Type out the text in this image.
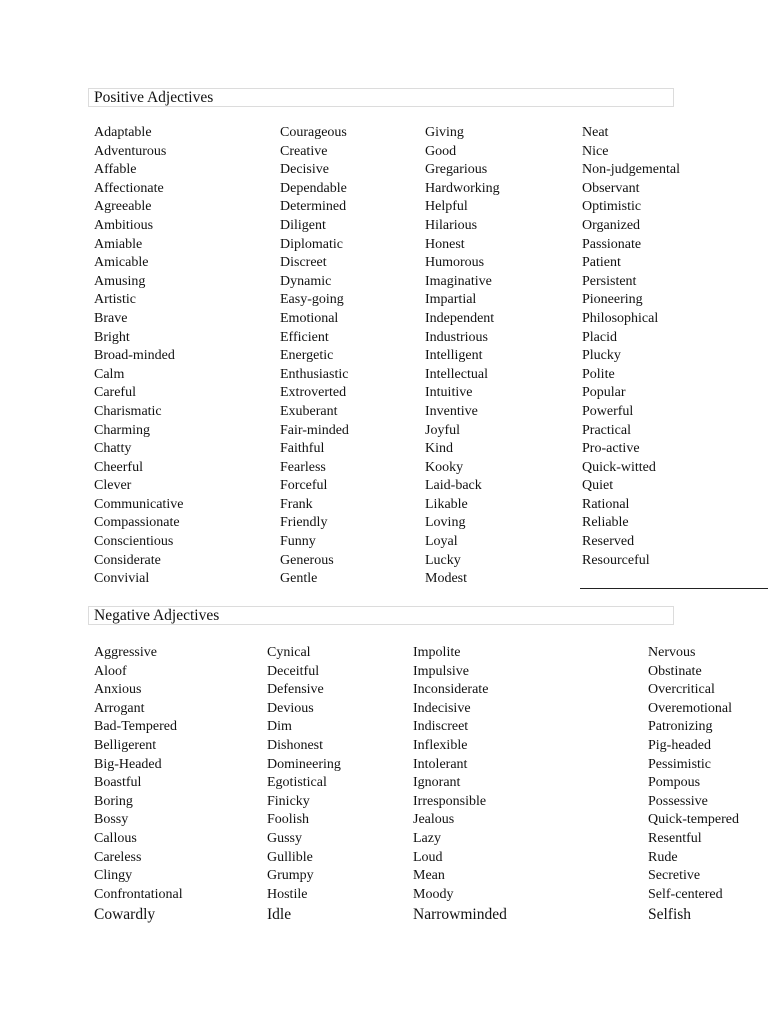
Positive Adjectives
Adaptable
Adventurous
Affable
Affectionate
Agreeable
Ambitious
Amiable
Amicable
Amusing
Artistic
Brave
Bright
Broad-minded
Calm
Careful
Charismatic
Charming
Chatty
Cheerful
Clever
Communicative
Compassionate
Conscientious
Considerate
Convivial
Courageous
Creative
Decisive
Dependable
Determined
Diligent
Diplomatic
Discreet
Dynamic
Easy-going
Emotional
Efficient
Energetic
Enthusiastic
Extroverted
Exuberant
Fair-minded
Faithful
Fearless
Forceful
Frank
Friendly
Funny
Generous
Gentle
Giving
Good
Gregarious
Hardworking
Helpful
Hilarious
Honest
Humorous
Imaginative
Impartial
Independent
Industrious
Intelligent
Intellectual
Intuitive
Inventive
Joyful
Kind
Kooky
Laid-back
Likable
Loving
Loyal
Lucky
Modest
Neat
Nice
Non-judgemental
Observant
Optimistic
Organized
Passionate
Patient
Persistent
Pioneering
Philosophical
Placid
Plucky
Polite
Popular
Powerful
Practical
Pro-active
Quick-witted
Quiet
Rational
Reliable
Reserved
Resourceful
Negative Adjectives
Aggressive
Aloof
Anxious
Arrogant
Bad-Tempered
Belligerent
Big-Headed
Boastful
Boring
Bossy
Callous
Careless
Clingy
Confrontational
Cowardly
Cynical
Deceitful
Defensive
Devious
Dim
Dishonest
Domineering
Egotistical
Finicky
Foolish
Gussy
Gullible
Grumpy
Hostile
Idle
Impolite
Impulsive
Inconsiderate
Indecisive
Indiscreet
Inflexible
Intolerant
Ignorant
Irresponsible
Jealous
Lazy
Loud
Mean
Moody
Narrowminded
Nervous
Obstinate
Overcritical
Overemotional
Patronizing
Pig-headed
Pessimistic
Pompous
Possessive
Quick-tempered
Resentful
Rude
Secretive
Self-centered
Selfish
